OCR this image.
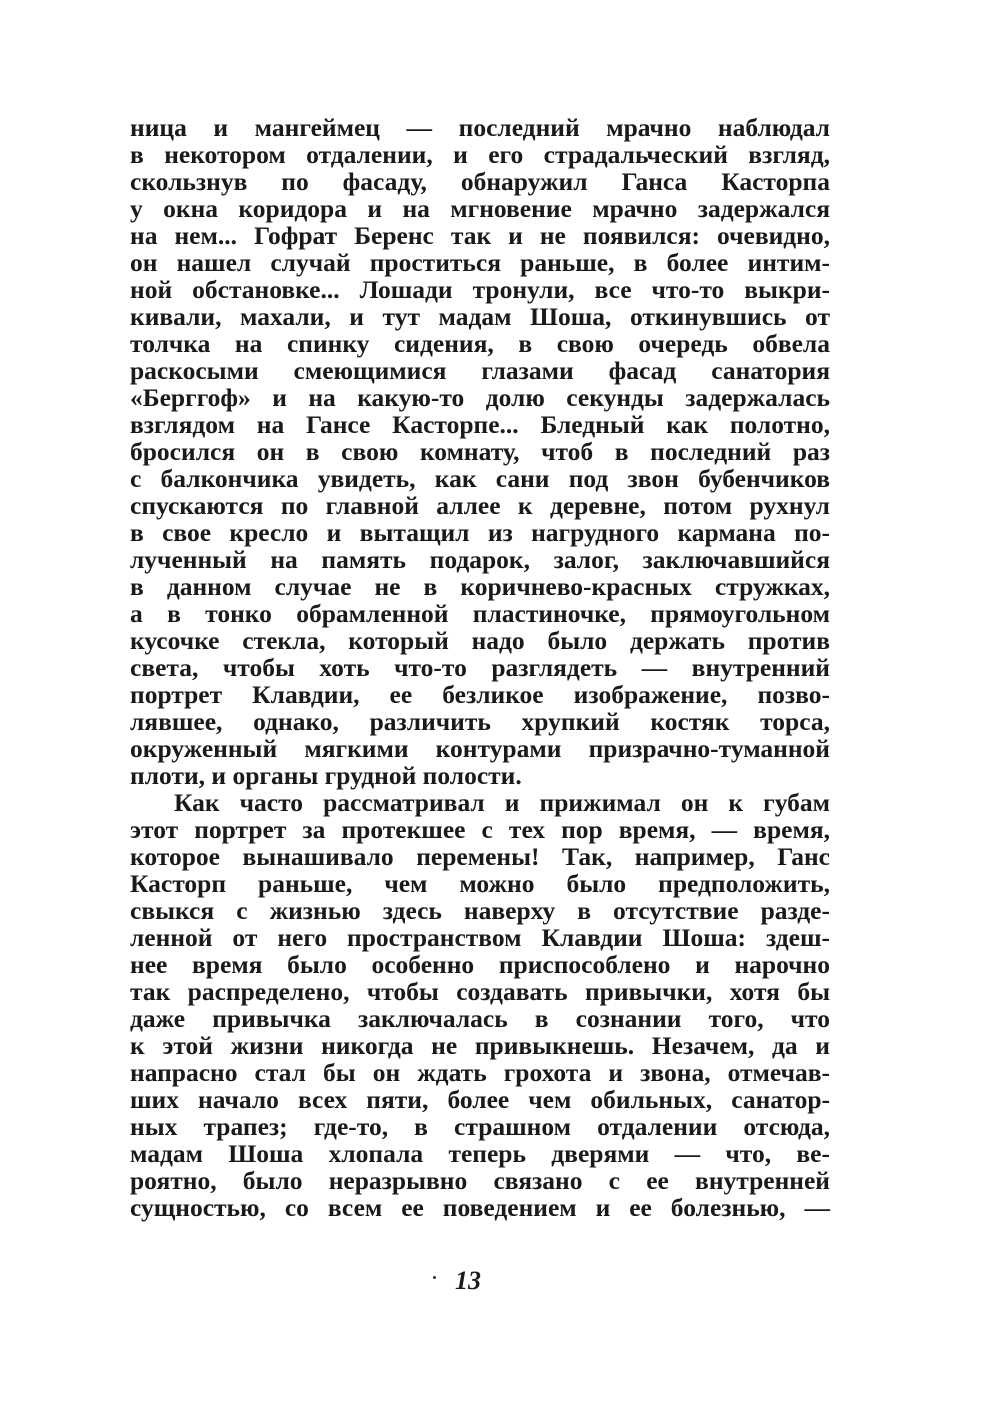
ница и мангеймец — последний мрачно наблюдал
в некотором отдалении, и его страдальческий взгляд,
скользнув по фасаду, обнаружил Ганса Касторпа
у окна коридора и на мгновение мрачно задержался
на нем... Гофрат Беренс так и не появился: очевидно,
он нашел случай проститься раньше, в более интим-
ной обстановке... Лошади тронули, все что-то выкри-
кивали, махали, и тут мадам Шоша, откинувшись от
толчка на спинку сидения, в свою очередь обвела
раскосыми смеющимися глазами фасад санатория
«Берггоф» и на какую-то долю секунды задержалась
взглядом на Гансе Касторпе... Бледный как полотно,
бросился он в свою комнату, чтоб в последний раз
с балкончика увидеть, как сани под звон бубенчиков
спускаются по главной аллее к деревне, потом рухнул
в свое кресло и вытащил из нагрудного кармана по-
лученный на память подарок, залог, заключавшийся
в данном случае не в коричнево-красных стружках,
а в тонко обрамленной пластиночке, прямоугольном
кусочке стекла, который надо было держать против
света, чтобы хоть что-то разглядеть — внутренний
портрет Клавдии, ее безликое изображение, позво-
лявшее, однако, различить хрупкий костяк торса,
окруженный мягкими контурами призрачно-туманной
плоти, и органы грудной полости.
Как часто рассматривал и прижимал он к губам
этот портрет за протекшее с тех пор время, — время,
которое вынашивало перемены! Так, например, Ганс
Касторп раньше, чем можно было предположить,
свыкся с жизнью здесь наверху в отсутствие разде-
ленной от него пространством Клавдии Шоша: здеш-
нее время было особенно приспособлено и нарочно
так распределено, чтобы создавать привычки, хотя бы
даже привычка заключалась в сознании того, что
к этой жизни никогда не привыкнешь. Незачем, да и
напрасно стал бы он ждать грохота и звона, отмечав-
ших начало всех пяти, более чем обильных, санатор-
ных трапез; где-то, в страшном отдалении отсюда,
мадам Шоша хлопала теперь дверями — что, ве-
роятно, было неразрывно связано с ее внутренней
сущностью, со всем ее поведением и ее болезнью, —
13
